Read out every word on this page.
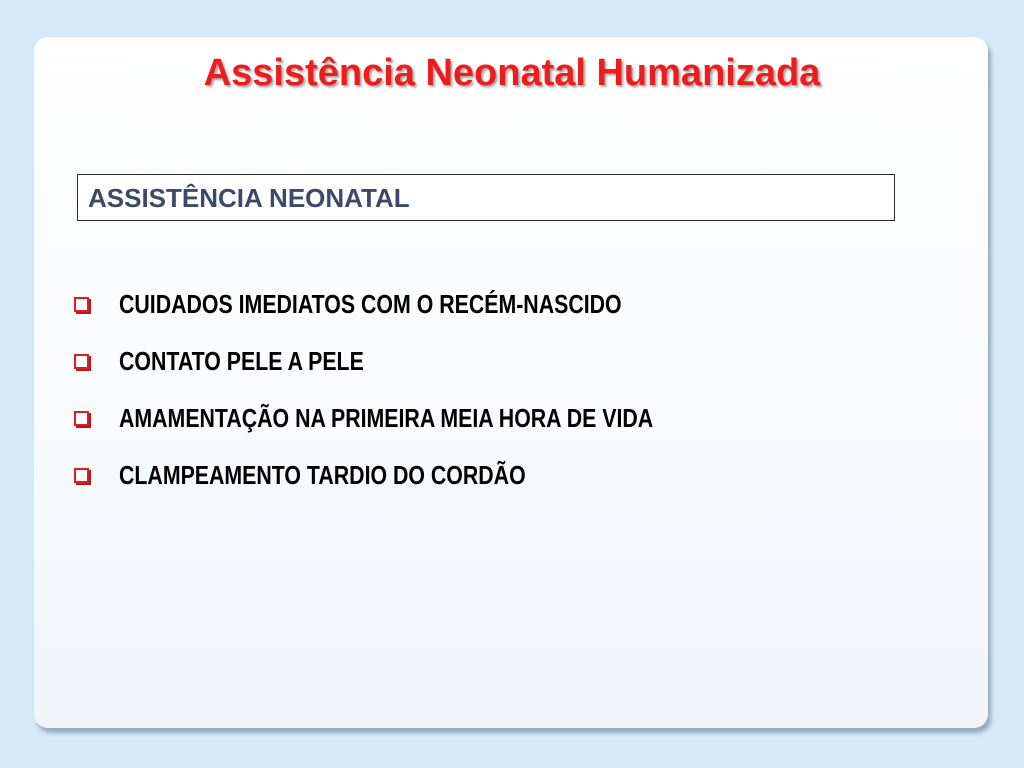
Assistência Neonatal Humanizada
ASSISTÊNCIA NEONATAL
CUIDADOS IMEDIATOS COM O RECÉM-NASCIDO
CONTATO PELE A PELE
AMAMENTAÇÃO NA PRIMEIRA MEIA HORA DE VIDA
CLAMPEAMENTO TARDIO DO CORDÃO
